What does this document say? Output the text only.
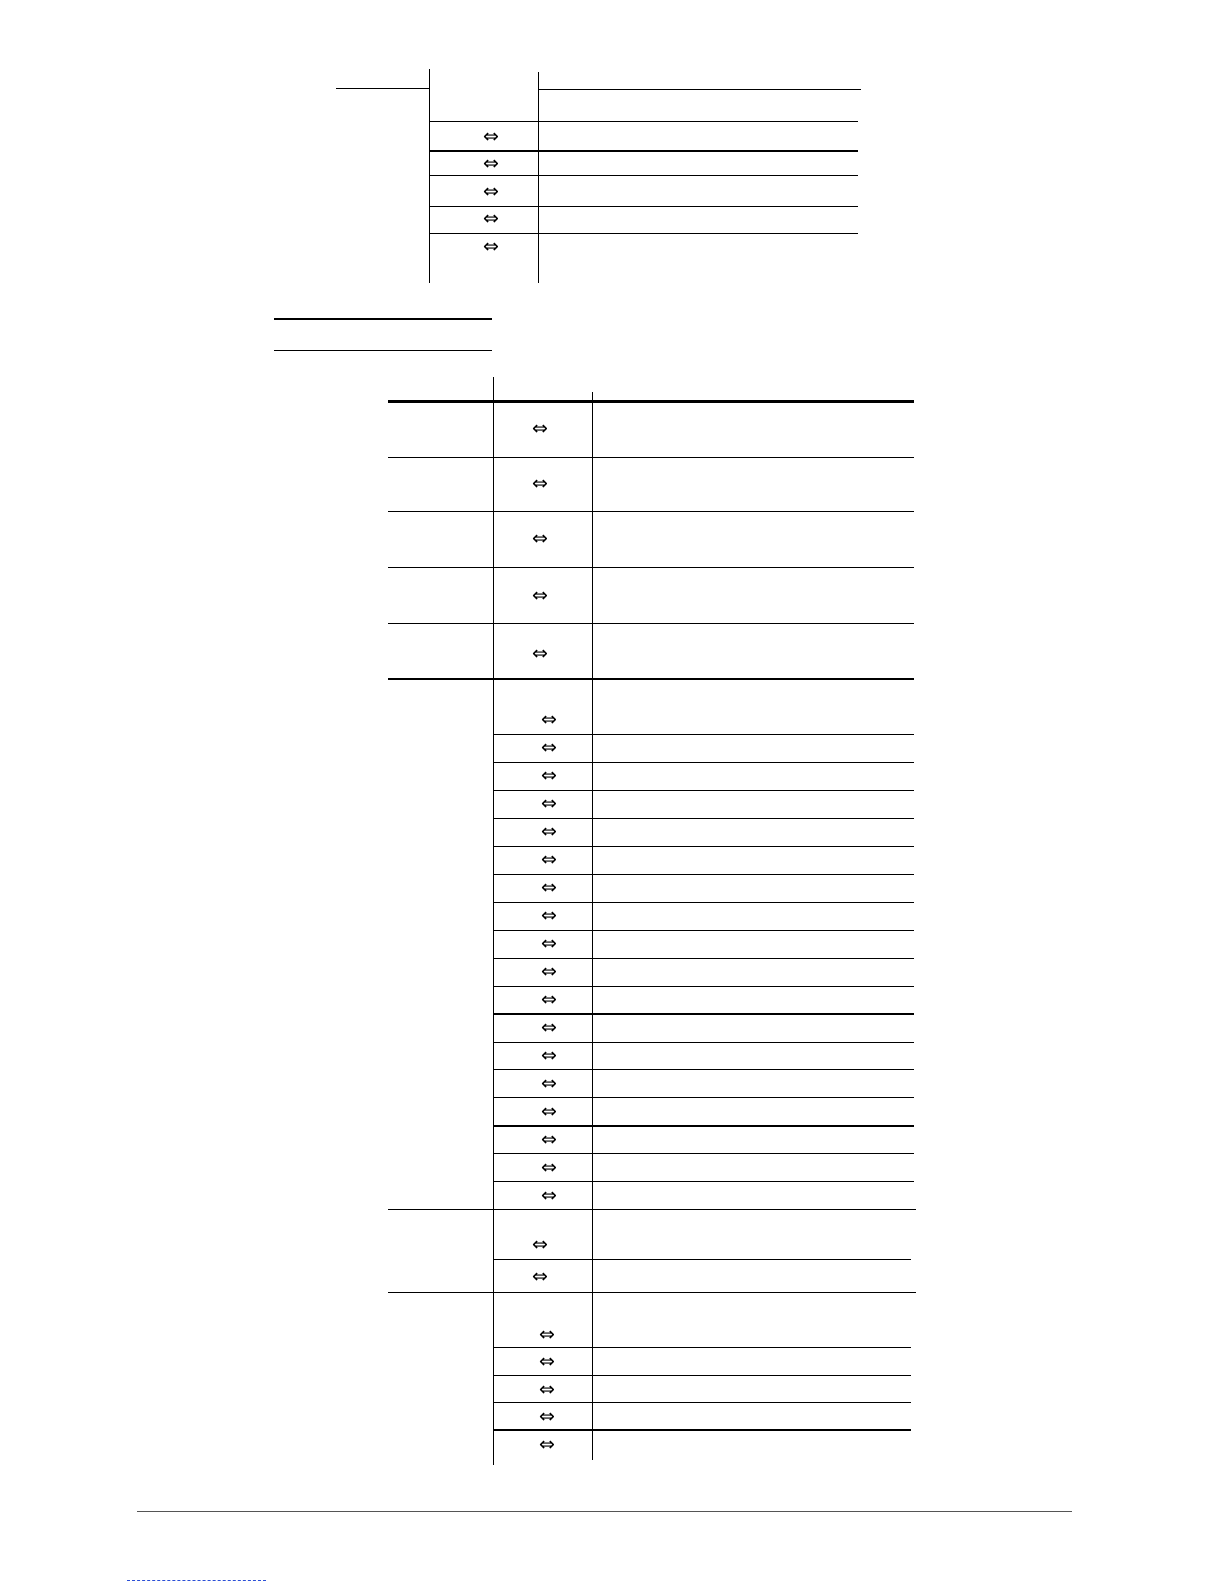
⇔
⇔
⇔
⇔
⇔
⇔
⇔
⇔
⇔
⇔
⇔
⇔
⇔
⇔
⇔
⇔
⇔
⇔
⇔
⇔
⇔
⇔
⇔
⇔
⇔
⇔
⇔
⇔
⇔
⇔
⇔
⇔
⇔
⇔
⇔
